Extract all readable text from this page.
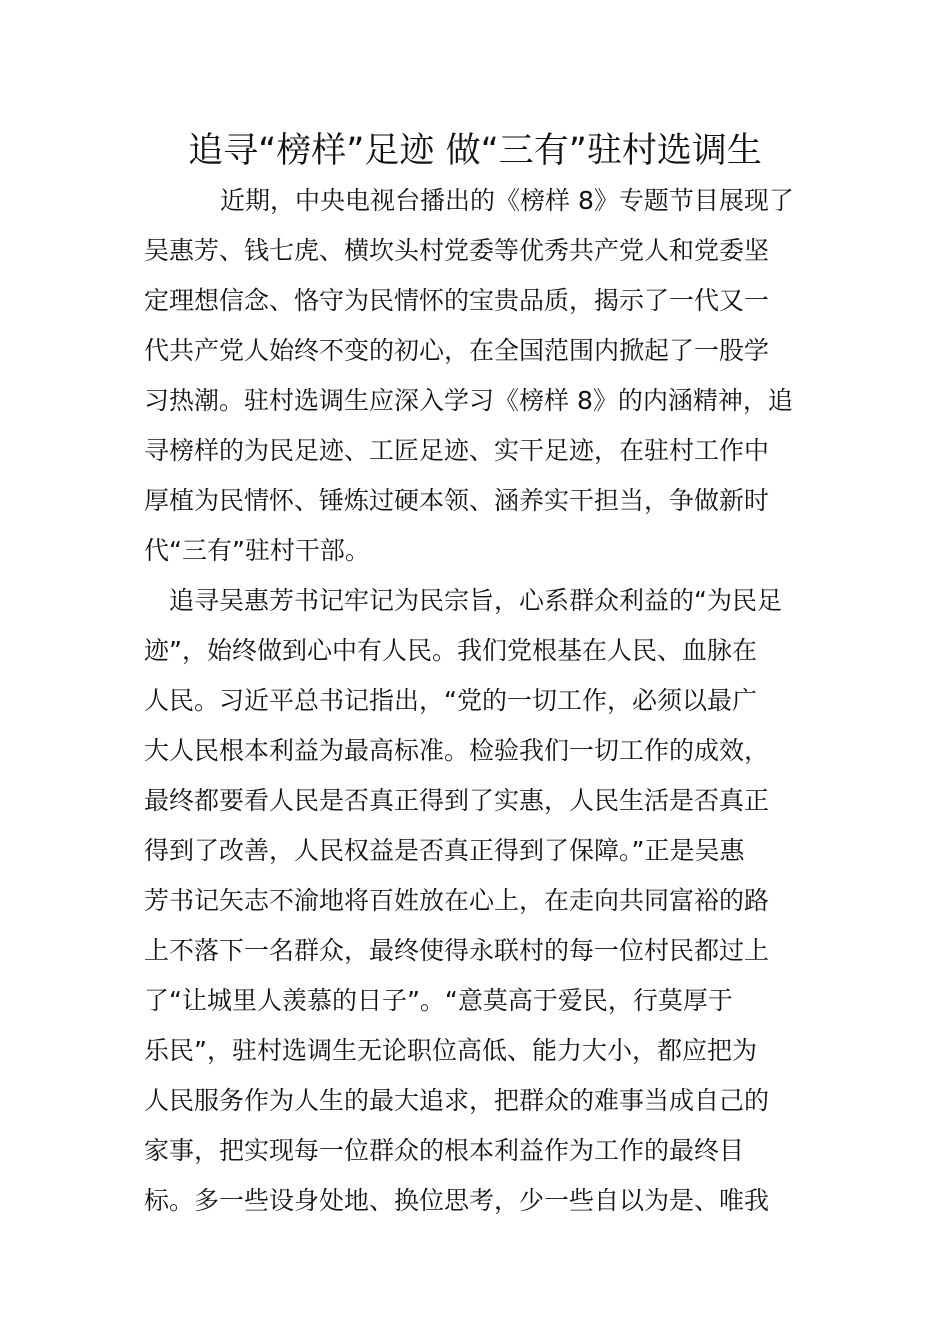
追寻“榜样”足迹 做“三有”驻村选调生
近期，中央电视台播出的《榜样 8》专题节目展现了
吴惠芳、钱七虎、横坎头村党委等优秀共产党人和党委坚
定理想信念、恪守为民情怀的宝贵品质，揭示了一代又一
代共产党人始终不变的初心，在全国范围内掀起了一股学
习热潮。驻村选调生应深入学习《榜样 8》的内涵精神，追
寻榜样的为民足迹、工匠足迹、实干足迹，在驻村工作中
厚植为民情怀、锤炼过硬本领、涵养实干担当，争做新时
代“三有”驻村干部。
追寻吴惠芳书记牢记为民宗旨，心系群众利益的“为民足
迹”，始终做到心中有人民。我们党根基在人民、血脉在
人民。习近平总书记指出，“党的一切工作，必须以最广
大人民根本利益为最高标准。检验我们一切工作的成效，
最终都要看人民是否真正得到了实惠，人民生活是否真正
得到了改善，人民权益是否真正得到了保障。”正是吴惠
芳书记矢志不渝地将百姓放在心上，在走向共同富裕的路
上不落下一名群众，最终使得永联村的每一位村民都过上
了“让城里人羡慕的日子”。“意莫高于爱民，行莫厚于
乐民”，驻村选调生无论职位高低、能力大小，都应把为
人民服务作为人生的最大追求，把群众的难事当成自己的
家事，把实现每一位群众的根本利益作为工作的最终目
标。多一些设身处地、换位思考，少一些自以为是、唯我
